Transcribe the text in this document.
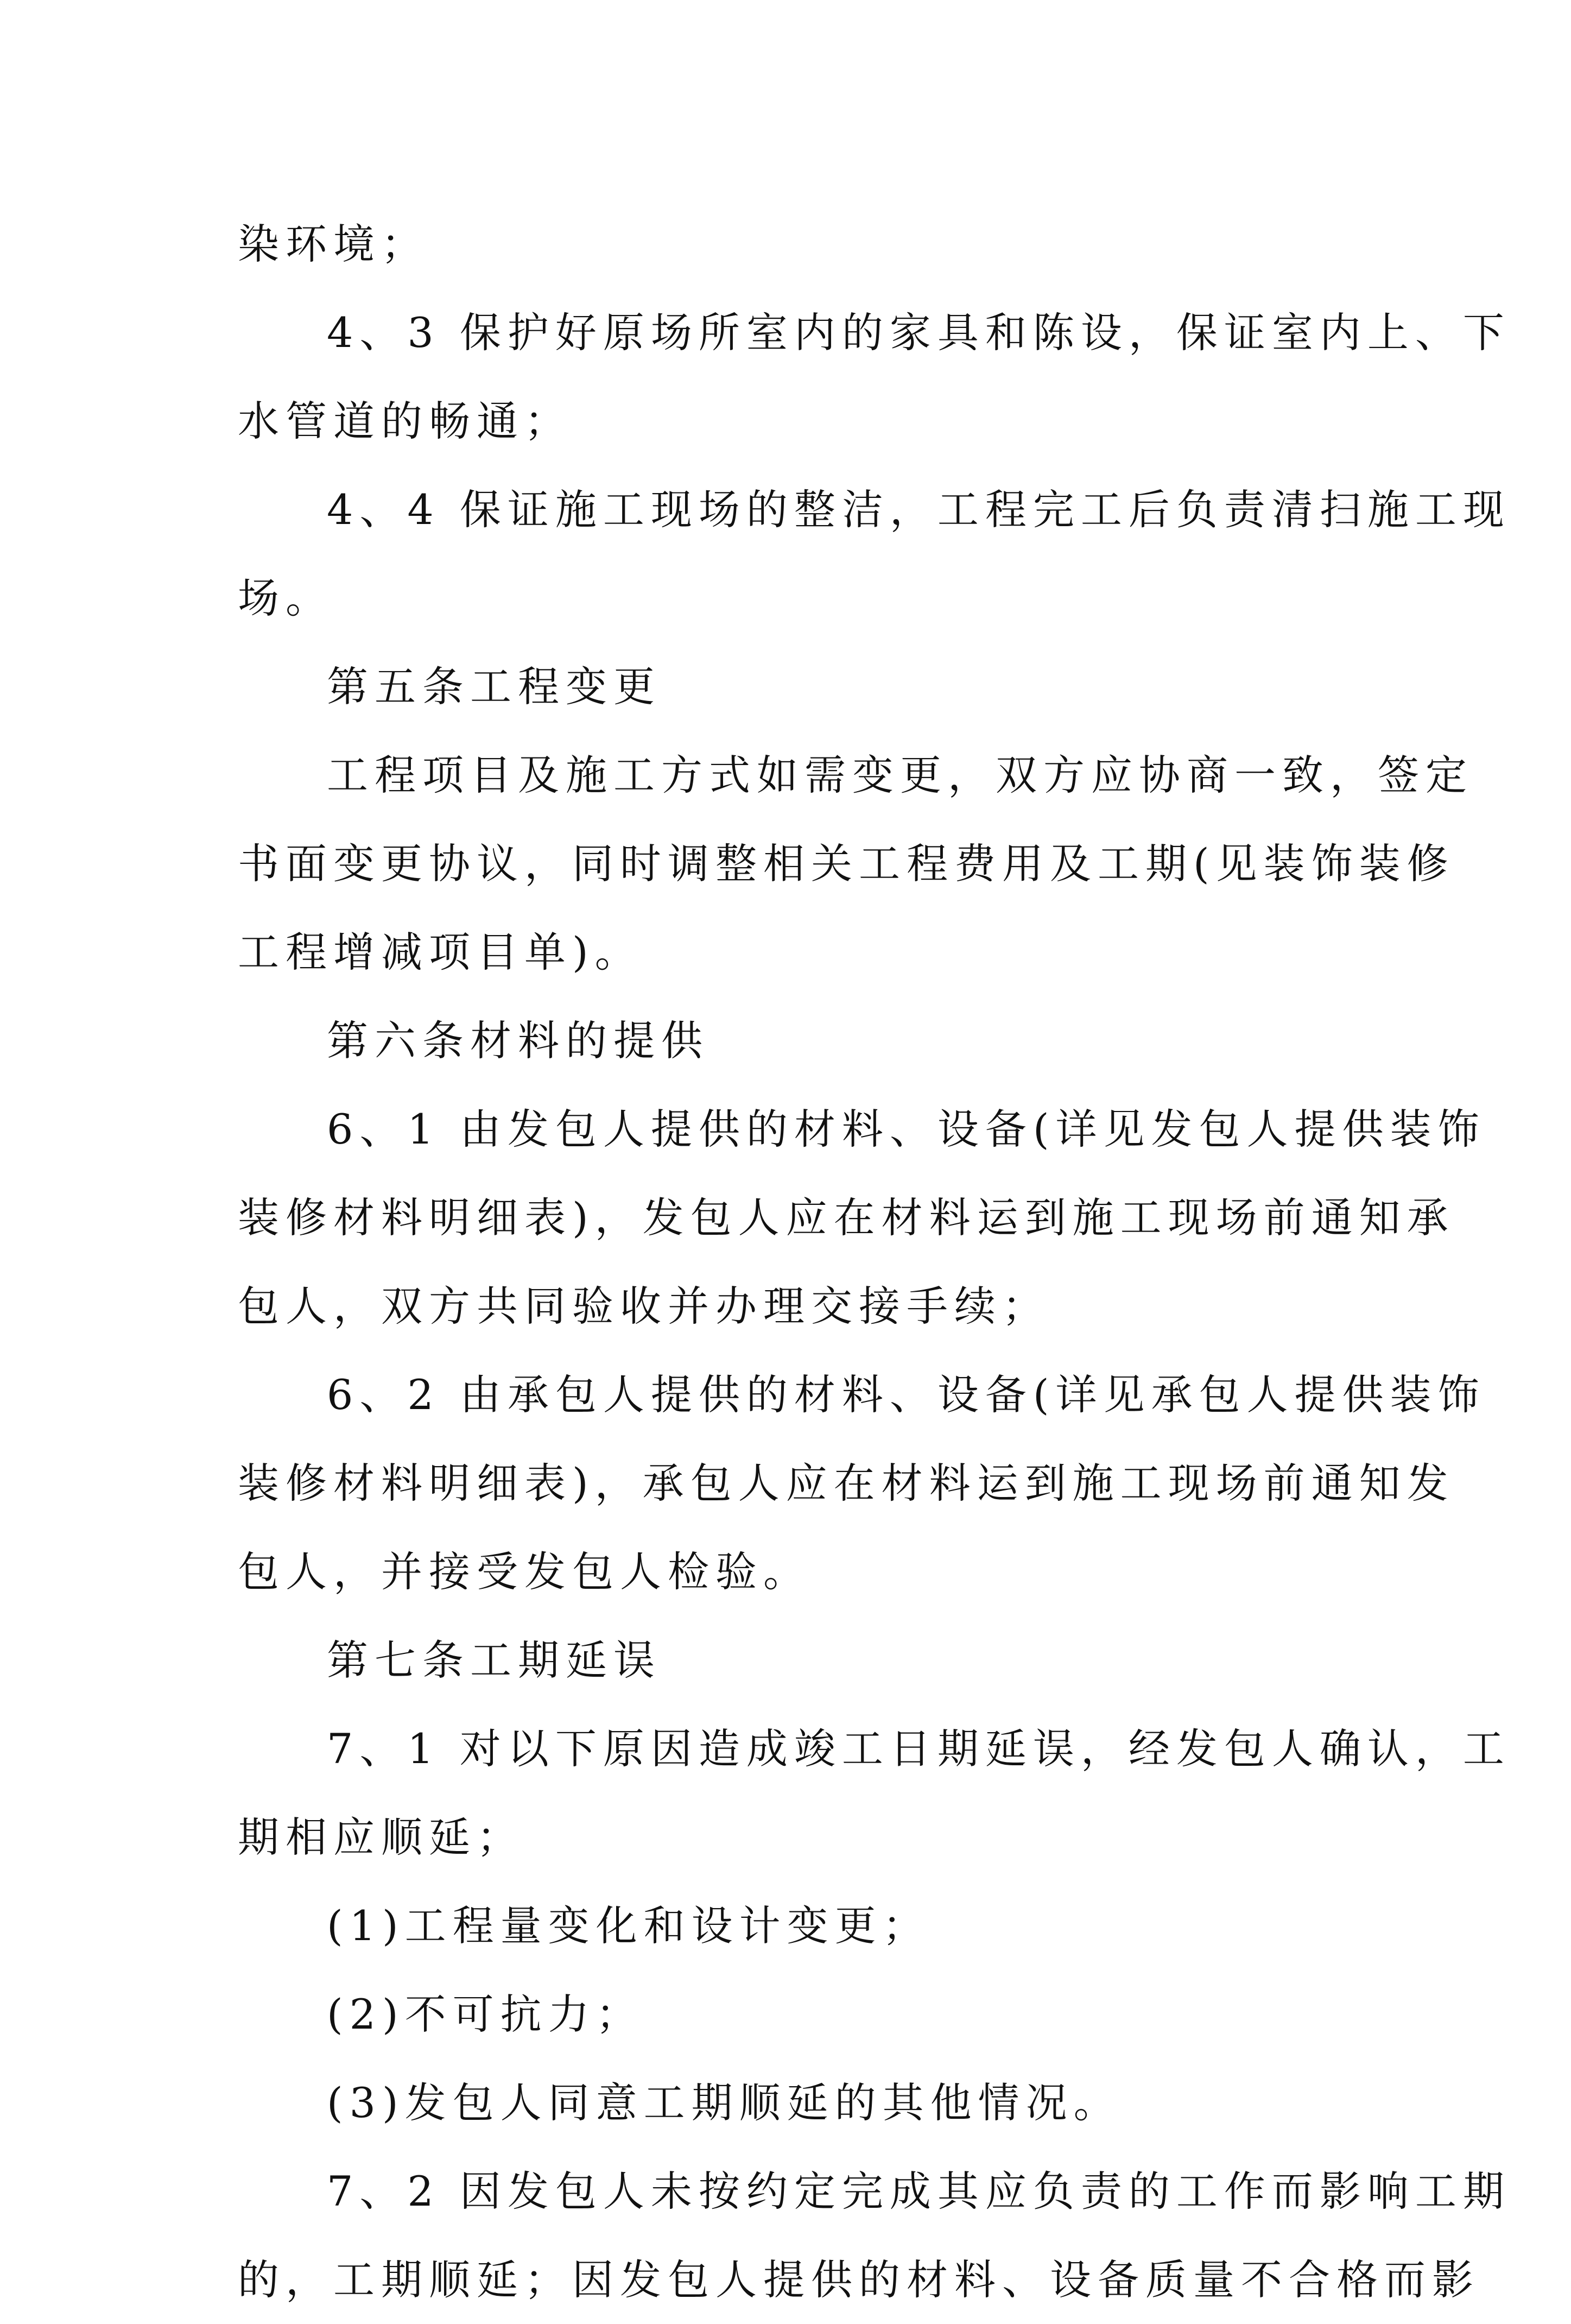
染环境；
4、3 保护好原场所室内的家具和陈设，保证室内上、下
水管道的畅通；
4、4 保证施工现场的整洁，工程完工后负责清扫施工现
场。
第五条工程变更
工程项目及施工方式如需变更，双方应协商一致，签定
书面变更协议，同时调整相关工程费用及工期(见装饰装修
工程增减项目单)。
第六条材料的提供
6、1 由发包人提供的材料、设备(详见发包人提供装饰
装修材料明细表)，发包人应在材料运到施工现场前通知承
包人，双方共同验收并办理交接手续；
6、2 由承包人提供的材料、设备(详见承包人提供装饰
装修材料明细表)，承包人应在材料运到施工现场前通知发
包人，并接受发包人检验。
第七条工期延误
7、1 对以下原因造成竣工日期延误，经发包人确认，工
期相应顺延；
(1)工程量变化和设计变更；
(2)不可抗力；
(3)发包人同意工期顺延的其他情况。
7、2 因发包人未按约定完成其应负责的工作而影响工期
的，工期顺延；因发包人提供的材料、设备质量不合格而影
